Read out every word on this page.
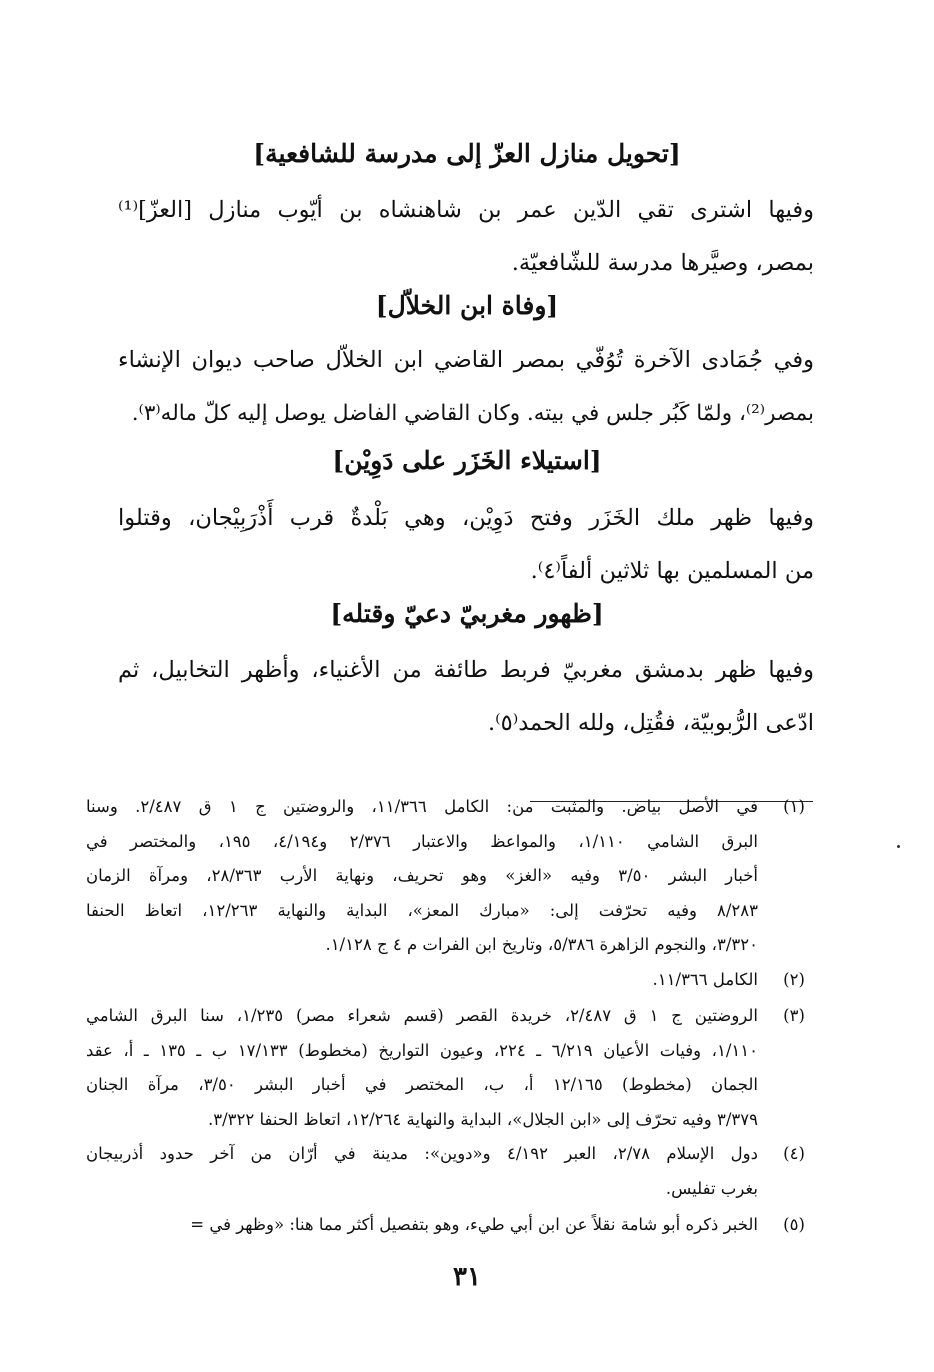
[تحويل منازل العزّ إلى مدرسة للشافعية]
وفيها اشترى تقي الدّين عمر بن شاهنشاه بن أيّوب منازل [العزّ]⁽¹⁾
بمصر، وصيَّرها مدرسة للشّافعيّة.
[وفاة ابن الخلاّل]
وفي جُمَادى الآخرة تُوُفّي بمصر القاضي ابن الخلاّل صاحب ديوان الإنشاء
بمصر⁽²⁾، ولمّا كَبُر جلس في بيته. وكان القاضي الفاضل يوصل إليه كلّ ماله⁽٣⁾.
[استيلاء الخَزَر على دَوِيْن]
وفيها ظهر ملك الخَزَر وفتح دَوِيْن، وهي بَلْدةٌ قرب أَذْرَبِيْجان، وقتلوا
من المسلمين بها ثلاثين ألفاً⁽٤⁾.
[ظهور مغربيّ دعيّ وقتله]
وفيها ظهر بدمشق مغربيّ فربط طائفة من الأغنياء، وأظهر التخابيل، ثم
ادّعى الرُّبوبيّة، فقُتِل، ولله الحمد⁽٥⁾.
(١)
في الأصل بياض. والمثبت من: الكامل ١١/٣٦٦، والروضتين ج ١ ق ٢/٤٨٧. وسنا
البرق الشامي ١/١١٠، والمواعظ والاعتبار ٢/٣٧٦ و٤/١٩٤، ١٩٥، والمختصر في
أخبار البشر ٣/٥٠ وفيه «الغز» وهو تحريف، ونهاية الأرب ٢٨/٣٦٣، ومرآة الزمان
٨/٢٨٣ وفيه تحرّفت إلى: «مبارك المعز»، البداية والنهاية ١٢/٢٦٣، اتعاظ الحنفا
٣/٣٢٠، والنجوم الزاهرة ٥/٣٨٦، وتاريخ ابن الفرات م ٤ ج ١/١٢٨.
(٢)
الكامل ١١/٣٦٦.
(٣)
الروضتين ج ١ ق ٢/٤٨٧، خريدة القصر (قسم شعراء مصر) ١/٢٣٥، سنا البرق الشامي
١/١١٠، وفيات الأعيان ٦/٢١٩ ـ ٢٢٤، وعيون التواريخ (مخطوط) ١٧/١٣٣ ب ـ ١٣٥ ـ أ، عقد
الجمان (مخطوط) ١٢/١٦٥ أ، ب، المختصر في أخبار البشر ٣/٥٠، مرآة الجنان
٣/٣٧٩ وفيه تحرّف إلى «ابن الجلال»، البداية والنهاية ١٢/٢٦٤، اتعاظ الحنفا ٣/٣٢٢.
(٤)
دول الإسلام ٢/٧٨، العبر ٤/١٩٢ و«دوين»: مدينة في أرّان من آخر حدود أذربيجان
بغرب تفليس.
(٥)
الخبر ذكره أبو شامة نقلاً عن ابن أبي طيء، وهو بتفصيل أكثر مما هنا: «وظهر في =
٣١
